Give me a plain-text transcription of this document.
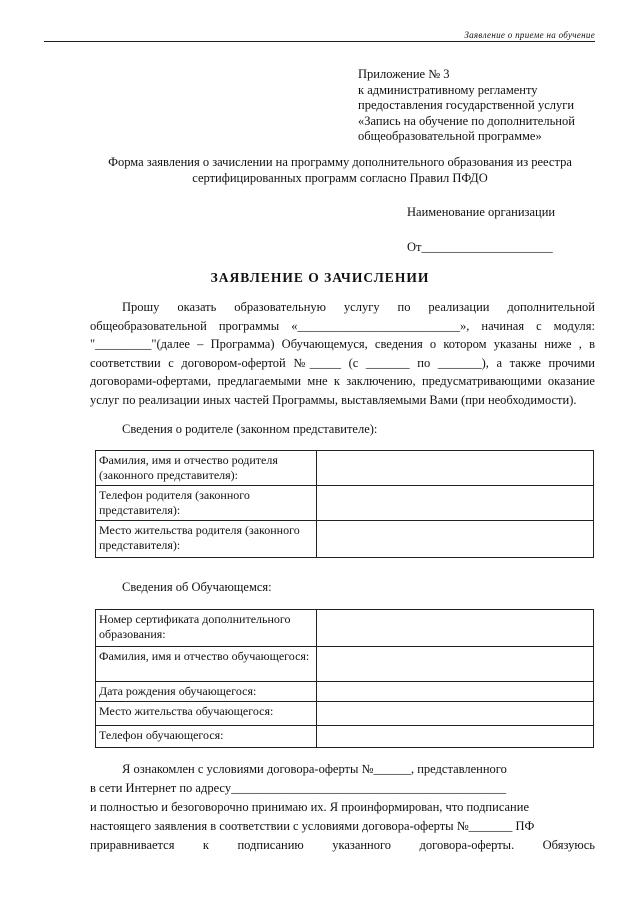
Заявление о приеме на обучение
Приложение № 3
к административному регламенту
предоставления государственной услуги
«Запись на обучение по дополнительной
общеобразовательной программе»
Форма заявления о зачислении на программу дополнительного образования из реестра сертифицированных программ согласно Правил ПФДО
Наименование организации
От_____________________
ЗАЯВЛЕНИЕ О ЗАЧИСЛЕНИИ
Прошу оказать образовательную услугу по реализации дополнительной общеобразовательной программы «__________________________», начиная с модуля: "_________"(далее – Программа) Обучающемуся, сведения о котором указаны ниже , в соответствии с договором-офертой №_____ (с _______ по _______), а также прочими договорами-офертами, предлагаемыми мне к заключению, предусматривающими оказание услуг по реализации иных частей Программы, выставляемыми Вами (при необходимости).
Сведения о родителе (законном представителе):
Фамилия, имя и отчество родителя (законного представителя):	
Телефон родителя (законного представителя):	
Место жительства родителя (законного представителя):	
Сведения об Обучающемся:
Номер сертификата дополнительного образования:	
Фамилия, имя и отчество обучающегося:	
Дата рождения обучающегося:	
Место жительства обучающегося:	
Телефон обучающегося:	
Я ознакомлен с условиями договора-оферты №______, представленного
в сети Интернет по адресу____________________________________________
и полностью и безоговорочно принимаю их. Я проинформирован, что подписание
настоящего заявления в соответствии с условиями договора-оферты №_______ ПФ
приравнивается к подписанию указанного договора-оферты. Обязуюсь
